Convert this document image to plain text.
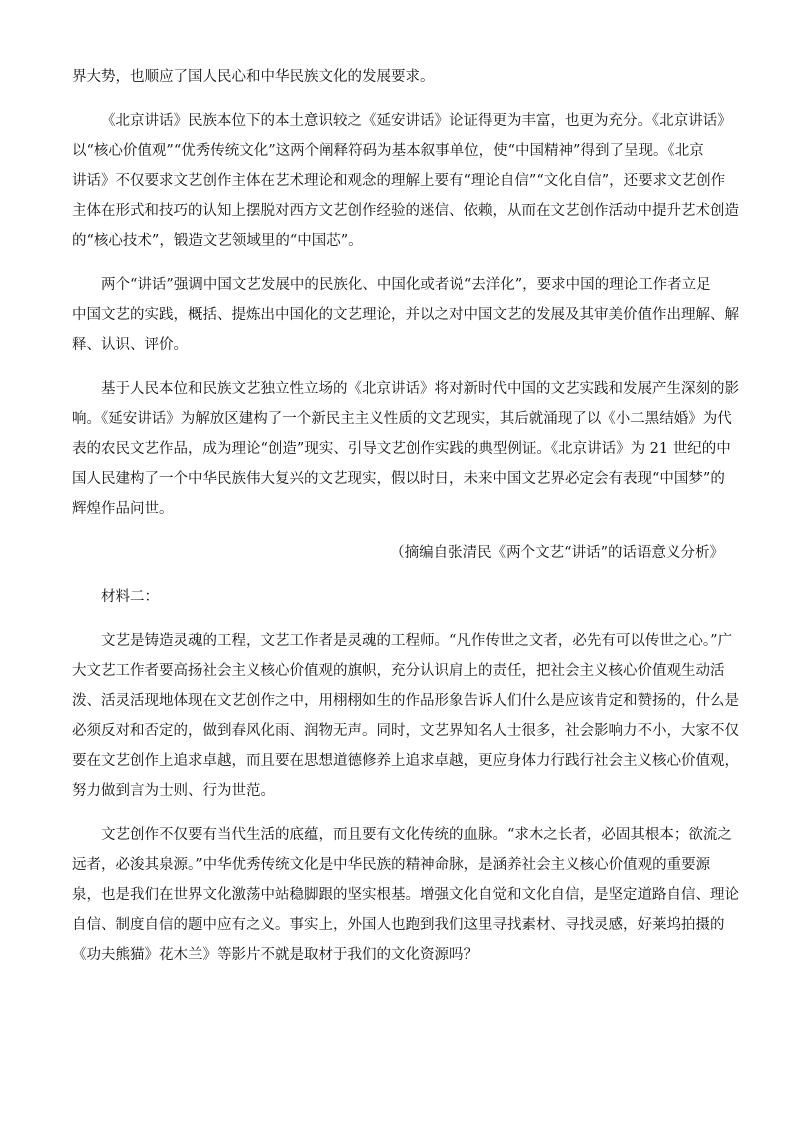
界大势，也顺应了国人民心和中华民族文化的发展要求。

《北京讲话》民族本位下的本土意识较之《延安讲话》论证得更为丰富，也更为充分。《北京讲话》

以“核心价值观”“优秀传统文化”这两个阐释符码为基本叙事单位，使“中国精神”得到了呈现。《北京

讲话》不仅要求文艺创作主体在艺术理论和观念的理解上要有“理论自信”“文化自信”，还要求文艺创作

主体在形式和技巧的认知上摆脱对西方文艺创作经验的迷信、依赖，从而在文艺创作活动中提升艺术创造

的“核心技术”，锻造文艺领域里的“中国芯”。

两个“讲话”强调中国文艺发展中的民族化、中国化或者说“去洋化”，要求中国的理论工作者立足

中国文艺的实践，概括、提炼出中国化的文艺理论，并以之对中国文艺的发展及其审美价值作出理解、解

释、认识、评价。

基于人民本位和民族文艺独立性立场的《北京讲话》将对新时代中国的文艺实践和发展产生深刻的影

响。《延安讲话》为解放区建构了一个新民主主义性质的文艺现实，其后就涌现了以《小二黑结婚》为代

表的农民文艺作品，成为理论“创造”现实、引导文艺创作实践的典型例证。《北京讲话》为 21 世纪的中

国人民建构了一个中华民族伟大复兴的文艺现实，假以时日，未来中国文艺界必定会有表现“中国梦”的

辉煌作品问世。

（摘编自张清民《两个文艺“讲话”的话语意义分析》

材料二：

文艺是铸造灵魂的工程，文艺工作者是灵魂的工程师。“凡作传世之文者，必先有可以传世之心。”广

大文艺工作者要高扬社会主义核心价值观的旗帜，充分认识肩上的责任，把社会主义核心价值观生动活

泼、活灵活现地体现在文艺创作之中，用栩栩如生的作品形象告诉人们什么是应该肯定和赞扬的，什么是

必须反对和否定的，做到春风化雨、润物无声。同时，文艺界知名人士很多，社会影响力不小，大家不仅

要在文艺创作上追求卓越，而且要在思想道德修养上追求卓越，更应身体力行践行社会主义核心价值观，

努力做到言为士则、行为世范。

文艺创作不仅要有当代生活的底蕴，而且要有文化传统的血脉。“求木之长者，必固其根本；欲流之

远者，必浚其泉源。”中华优秀传统文化是中华民族的精神命脉，是涵养社会主义核心价值观的重要源

泉，也是我们在世界文化激荡中站稳脚跟的坚实根基。增强文化自觉和文化自信，是坚定道路自信、理论

自信、制度自信的题中应有之义。事实上，外国人也跑到我们这里寻找素材、寻找灵感，好莱坞拍摄的

《功夫熊猫》花木兰》等影片不就是取材于我们的文化资源吗？
